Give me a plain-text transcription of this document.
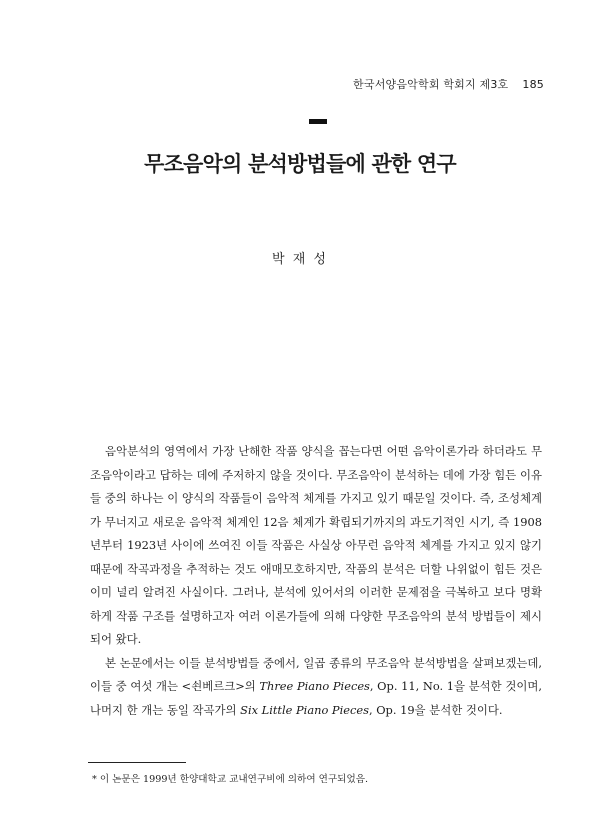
한국서양음악학회 학회지 제3호 185
무조음악의 분석방법들에 관한 연구
박 재 성

음악분석의 영역에서 가장 난해한 작품 양식을 꼽는다면 어떤 음악이론가라 하더라도 무조음악이라고 답하는 데에 주저하지 않을 것이다. 무조음악이 분석하는 데에 가장 힘든 이유들 중의 하나는 이 양식의 작품들이 음악적 체계를 가지고 있기 때문일 것이다. 즉, 조성체계가 무너지고 새로운 음악적 체계인 12음 체계가 확립되기까지의 과도기적인 시기, 즉 1908년부터 1923년 사이에 쓰여진 이들 작품은 사실상 아무런 음악적 체계를 가지고 있지 않기 때문에 작곡과정을 추적하는 것도 애매모호하지만, 작품의 분석은 더할 나위없이 힘든 것은 이미 널리 알려진 사실이다. 그러나, 분석에 있어서의 이러한 문제점을 극복하고 보다 명확하게 작품 구조를 설명하고자 여러 이론가들에 의해 다양한 무조음악의 분석 방법들이 제시되어 왔다.

본 논문에서는 이들 분석방법들 중에서, 일곱 종류의 무조음악 분석방법을 살펴보겠는데, 이들 중 여섯 개는 <쇤베르크>의 Three Piano Pieces, Op. 11, No. 1을 분석한 것이며, 나머지 한 개는 동일 작곡가의 Six Little Piano Pieces, Op. 19을 분석한 것이다.

* 이 논문은 1999년 한양대학교 교내연구비에 의하여 연구되었음.
